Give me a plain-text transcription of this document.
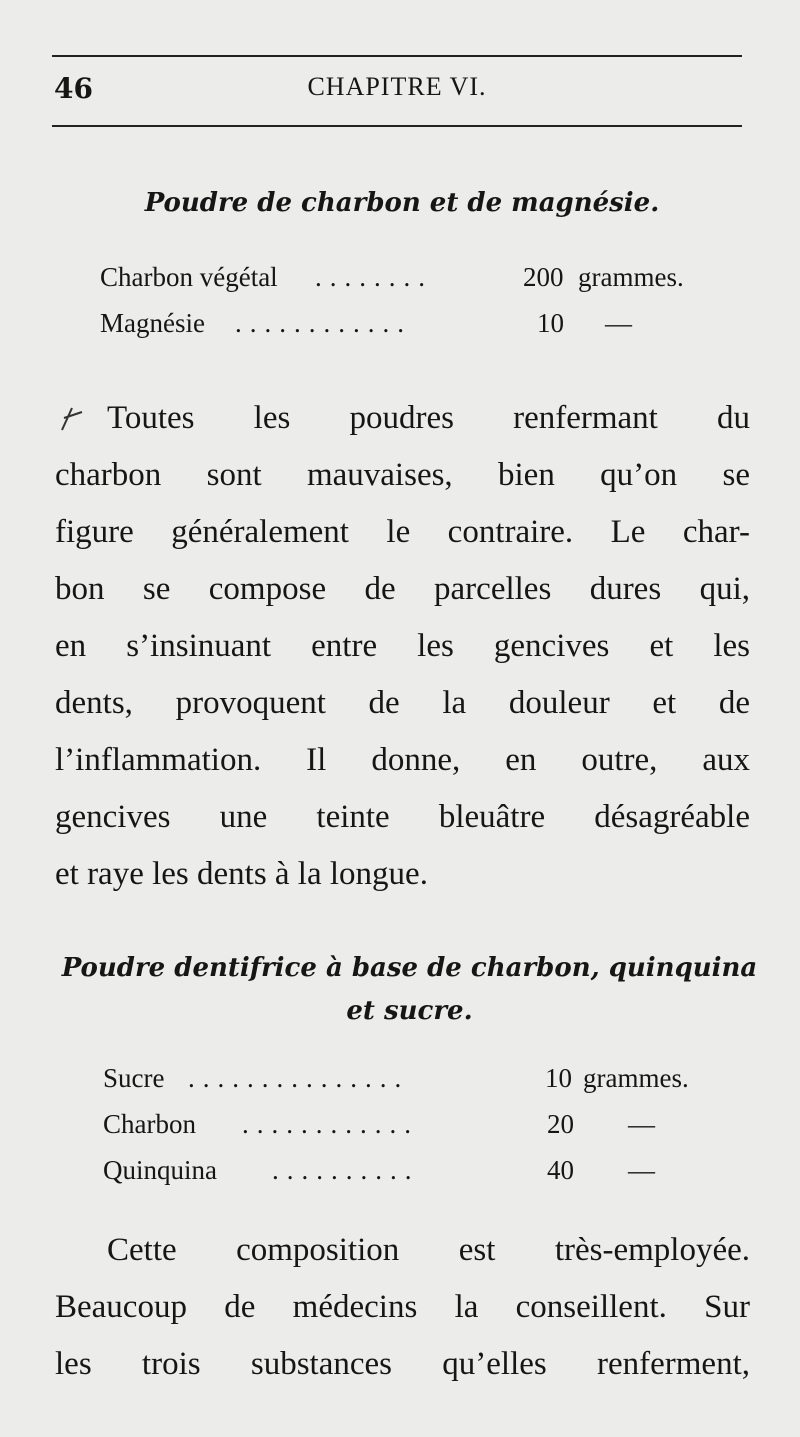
46	CHAPITRE VI.
Poudre de charbon et de magnésie.
Charbon végétal ........	200 grammes.
Magnésie ............	10 —
Toutes les poudres renfermant du
charbon sont mauvaises, bien qu’on se
figure généralement le contraire. Le char-
bon se compose de parcelles dures qui,
en s’insinuant entre les gencives et les
dents, provoquent de la douleur et de
l’inflammation. Il donne, en outre, aux
gencives une teinte bleuâtre désagréable
et raye les dents à la longue.
Poudre dentifrice à base de charbon, quinquina
et sucre.
Sucre ...............	10 grammes.
Charbon ............	20 —
Quinquina ..........	40 —
Cette composition est très-employée.
Beaucoup de médecins la conseillent. Sur
les trois substances qu’elles renferment,
